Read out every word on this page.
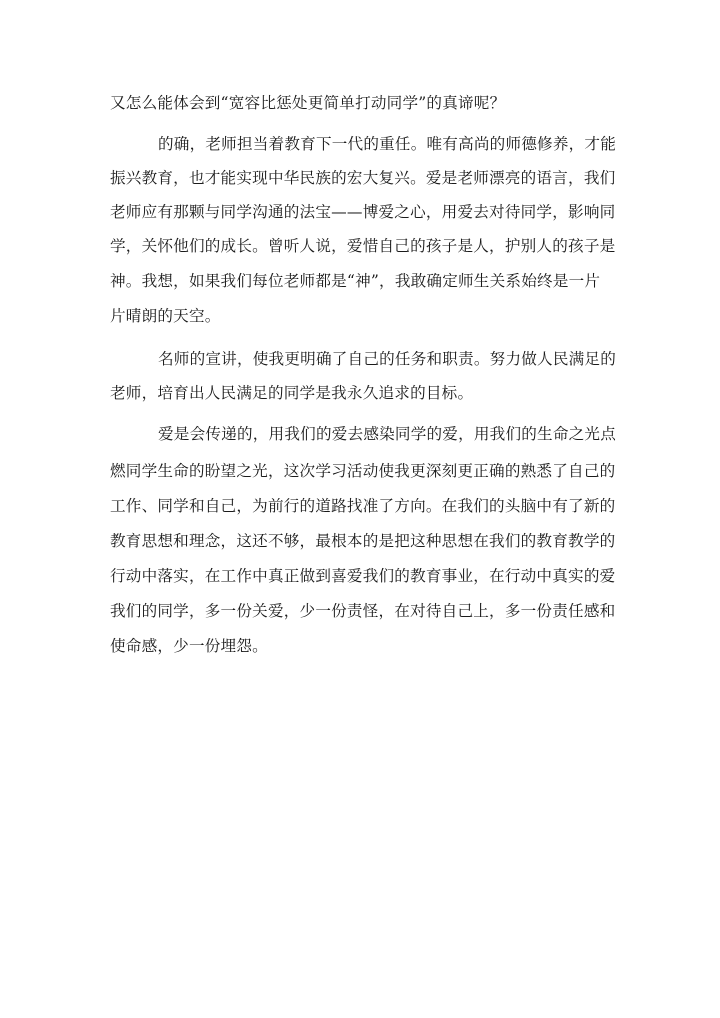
又怎么能体会到“宽容比惩处更简单打动同学”的真谛呢？
的确，老师担当着教育下一代的重任。唯有高尚的师德修养，才能
振兴教育，也才能实现中华民族的宏大复兴。爱是老师漂亮的语言，我们
老师应有那颗与同学沟通的法宝——博爱之心，用爱去对待同学，影响同
学，关怀他们的成长。曾听人说，爱惜自己的孩子是人，护别人的孩子是
神。我想，如果我们每位老师都是“神”，我敢确定师生关系始终是一片
片晴朗的天空。
名师的宣讲，使我更明确了自己的任务和职责。努力做人民满足的
老师，培育出人民满足的同学是我永久追求的目标。
爱是会传递的，用我们的爱去感染同学的爱，用我们的生命之光点
燃同学生命的盼望之光，这次学习活动使我更深刻更正确的熟悉了自己的
工作、同学和自己，为前行的道路找准了方向。在我们的头脑中有了新的
教育思想和理念，这还不够，最根本的是把这种思想在我们的教育教学的
行动中落实，在工作中真正做到喜爱我们的教育事业，在行动中真实的爱
我们的同学，多一份关爱，少一份责怪，在对待自己上，多一份责任感和
使命感，少一份埋怨。
